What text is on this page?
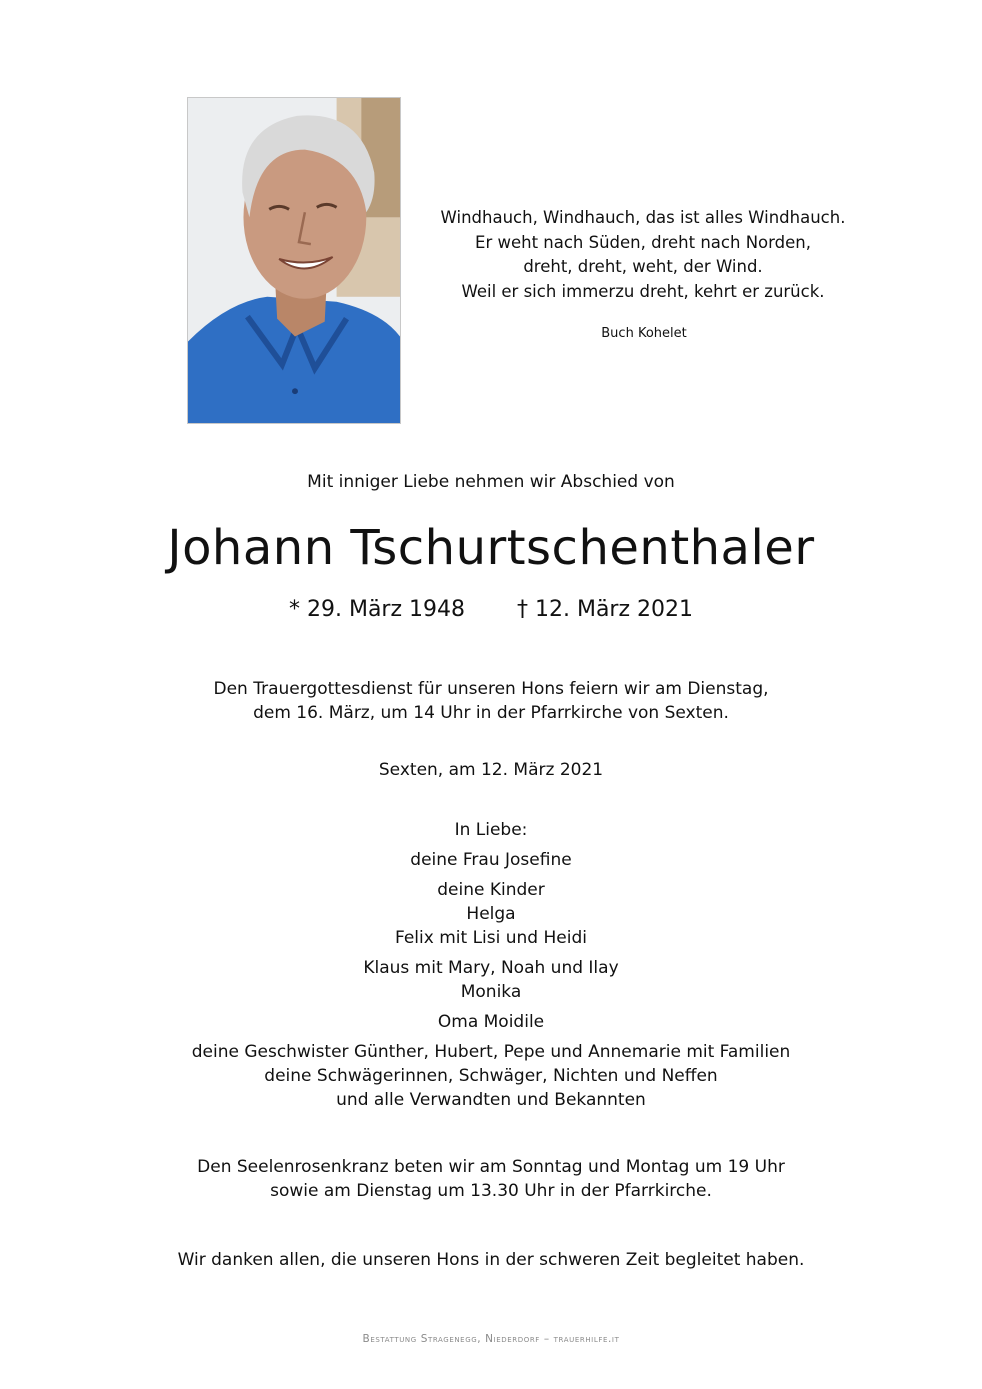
Windhauch, Windhauch, das ist alles Windhauch.
Er weht nach Süden, dreht nach Norden,
dreht, dreht, weht, der Wind.
Weil er sich immerzu dreht, kehrt er zurück.
Buch Kohelet
Mit inniger Liebe nehmen wir Abschied von
Johann Tschurtschenthaler
* 29. März 1948 † 12. März 2021
Den Trauergottesdienst für unseren Hons feiern wir am Dienstag,
dem 16. März, um 14 Uhr in der Pfarrkirche von Sexten.
Sexten, am 12. März 2021
In Liebe:
deine Frau Josefine
deine Kinder
Helga
Felix mit Lisi und Heidi
Klaus mit Mary, Noah und Ilay
Monika
Oma Moidile
deine Geschwister Günther, Hubert, Pepe und Annemarie mit Familien
deine Schwägerinnen, Schwäger, Nichten und Neffen
und alle Verwandten und Bekannten
Den Seelenrosenkranz beten wir am Sonntag und Montag um 19 Uhr
sowie am Dienstag um 13.30 Uhr in der Pfarrkirche.
Wir danken allen, die unseren Hons in der schweren Zeit begleitet haben.
Bestattung Stragenegg, Niederdorf – trauerhilfe.it
